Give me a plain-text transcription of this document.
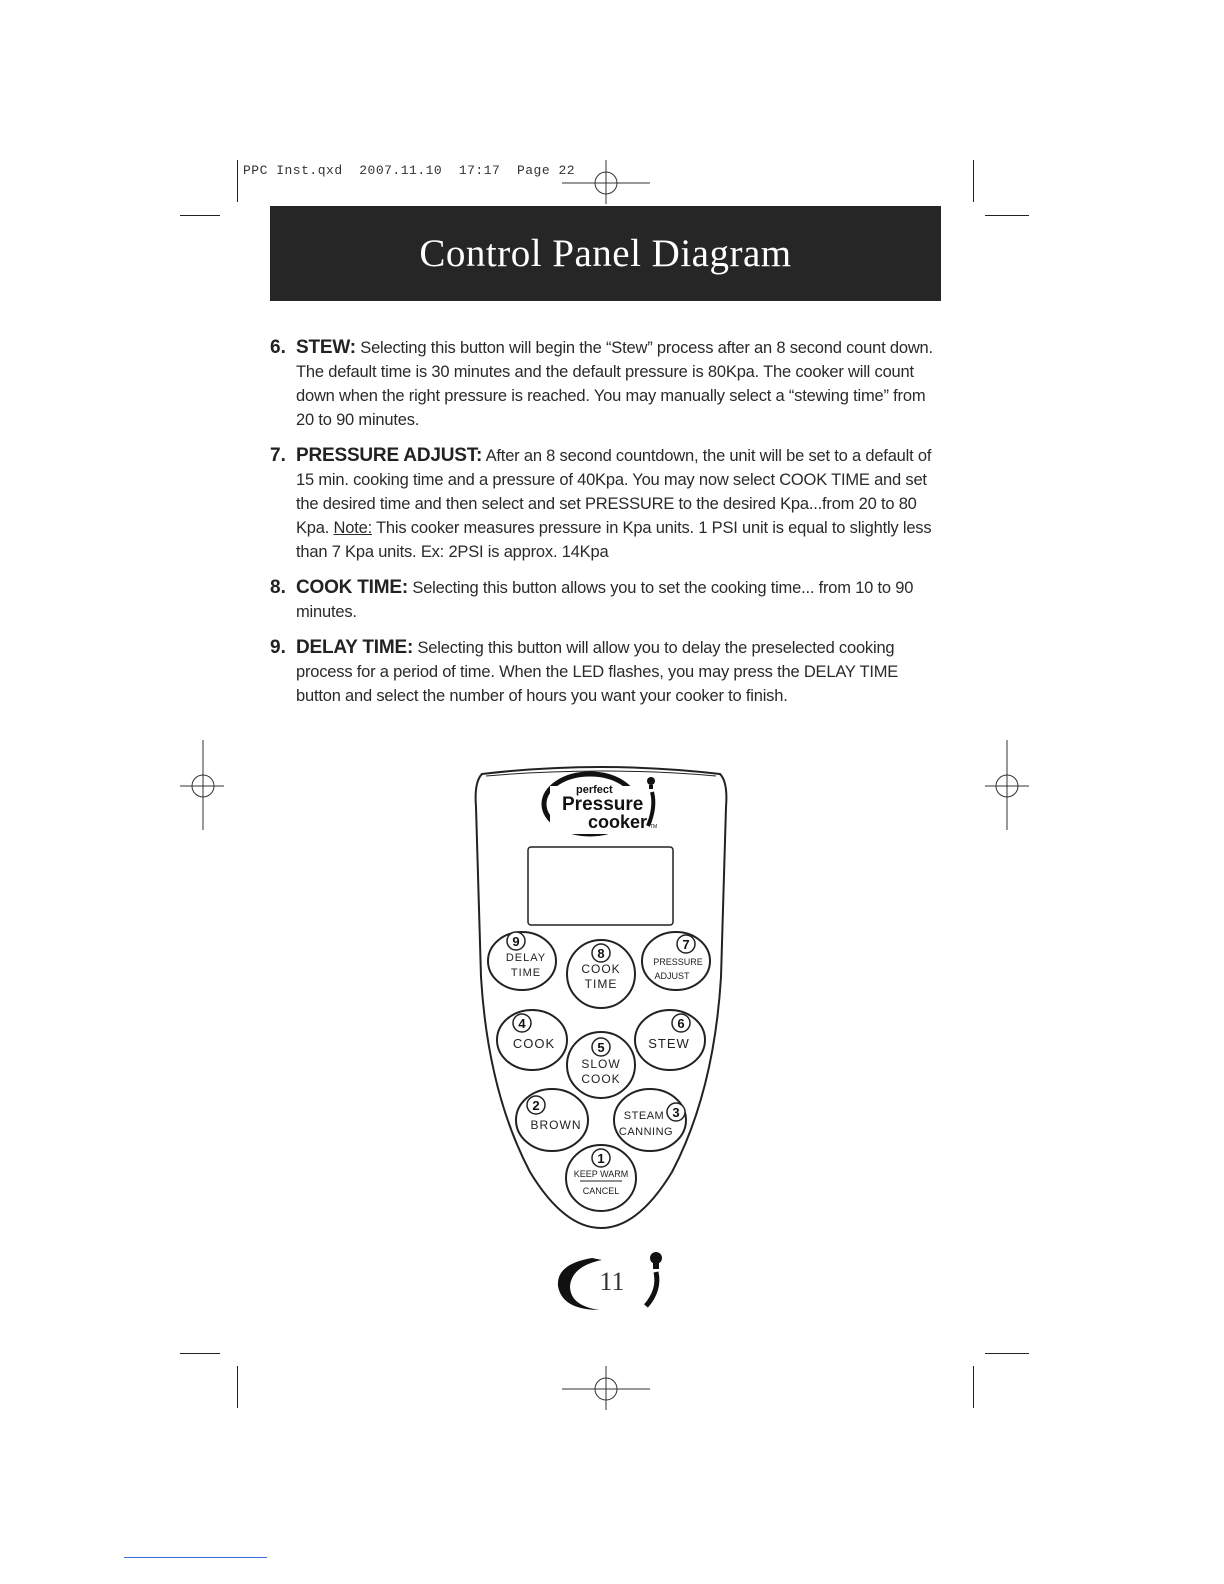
PPC Inst.qxd  2007.11.10  17:17  Page 22
Control Panel Diagram
6. STEW: Selecting this button will begin the “Stew” process after an 8 second count down. The default time is 30 minutes and the default pressure is 80Kpa. The cooker will count down when the right pressure is reached. You may manually select a “stewing time” from 20 to 90 minutes.
7. PRESSURE ADJUST: After an 8 second countdown, the unit will be set to a default of 15 min. cooking time and a pressure of 40Kpa. You may now select COOK TIME and set the desired time and then select and set PRESSURE to the desired Kpa...from 20 to 80 Kpa. Note: This cooker measures pressure in Kpa units. 1 PSI unit is equal to slightly less than 7 Kpa units. Ex: 2PSI is approx. 14Kpa
8. COOK TIME: Selecting this button allows you to set the cooking time... from 10 to 90 minutes.
9. DELAY TIME: Selecting this button will allow you to delay the preselected cooking process for a period of time. When the LED flashes, you may press the DELAY TIME button and select the number of hours you want your cooker to finish.
perfect
Pressure
cooker TM
9
DELAY
TIME
8
COOK
TIME
7
PRESSURE
ADJUST
4
COOK
6
STEW
5
SLOW
COOK
2
BROWN
3
STEAM
CANNING
1
KEEP WARM
CANCEL
11
